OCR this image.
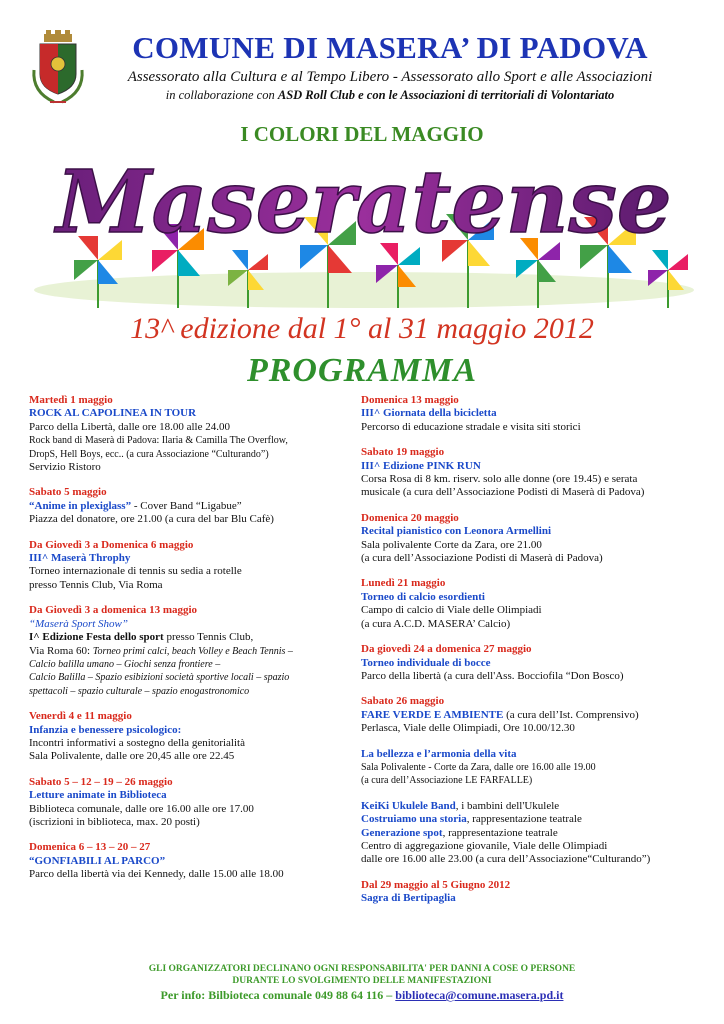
COMUNE DI MASERA’ DI PADOVA
Assessorato alla Cultura e al Tempo Libero - Assessorato allo Sport e alle Associazioni
in collaborazione con ASD Roll Club e con le Associazioni di territoriali di Volontariato
I COLORI DEL MAGGIO
Maseratense
13^ edizione dal 1° al 31 maggio 2012
PROGRAMMA
Martedì 1 maggio
ROCK AL CAPOLINEA IN TOUR
Parco della Libertà, dalle ore 18.00 alle 24.00
Rock band di Maserà di Padova: Ilaria & Camilla The Overflow,
DropS, Hell Boys, ecc.. (a cura Associazione “Culturando”)
Servizio Ristoro
Sabato 5 maggio
“Anime in plexiglass” - Cover Band “Ligabue”
Piazza del donatore, ore 21.00 (a cura del bar Blu Cafè)
Da Giovedì 3 a Domenica 6 maggio
III^ Maserà Throphy
Torneo internazionale di tennis su sedia a rotelle
presso Tennis Club, Via Roma
Da Giovedì 3 a domenica 13 maggio
“Maserà Sport Show”
I^ Edizione Festa dello sport presso Tennis Club,
Via Roma 60: Torneo primi calci, beach Volley e Beach Tennis –
Calcio balilla umano – Giochi senza frontiere –
Calcio Balilla – Spazio esibizioni società sportive locali – spazio
spettacoli – spazio culturale – spazio enogastronomico
Venerdì 4 e 11 maggio
Infanzia e benessere psicologico:
Incontri informativi a sostegno della genitorialità
Sala Polivalente, dalle ore 20,45 alle ore 22.45
Sabato 5 – 12 – 19 – 26 maggio
Letture animate in Biblioteca
Biblioteca comunale, dalle ore 16.00 alle ore 17.00
(iscrizioni in biblioteca, max. 20 posti)
Domenica 6 – 13 – 20 – 27
“GONFIABILI AL PARCO”
Parco della libertà via dei Kennedy, dalle 15.00 alle 18.00
Domenica 13 maggio
III^ Giornata della bicicletta
Percorso di educazione stradale e visita siti storici
Sabato 19 maggio
III^ Edizione PINK RUN
Corsa Rosa di 8 km. riserv. solo alle donne (ore 19.45) e serata
musicale (a cura dell’Associazione Podisti di Maserà di Padova)
Domenica 20 maggio
Recital pianistico con Leonora Armellini
Sala polivalente Corte da Zara, ore 21.00
(a cura dell’Associazione Podisti di Maserà di Padova)
Lunedì 21 maggio
Torneo di calcio esordienti
Campo di calcio di Viale delle Olimpiadi
(a cura A.C.D. MASERA’ Calcio)
Da giovedì 24 a domenica 27 maggio
Torneo individuale di bocce
Parco della libertà (a cura dell'Ass. Bocciofila “Don Bosco)
Sabato 26 maggio
FARE VERDE E AMBIENTE (a cura dell’Ist. Comprensivo)
Perlasca, Viale delle Olimpiadi, Ore 10.00/12.30
La bellezza e l’armonia della vita
Sala Polivalente - Corte da Zara, dalle ore 16.00 alle 19.00
(a cura dell’Associazione LE FARFALLE)
KeiKi Ukulele Band, i bambini dell'Ukulele
Costruiamo una storia, rappresentazione teatrale
Generazione spot, rappresentazione teatrale
Centro di aggregazione giovanile, Viale delle Olimpiadi
dalle ore 16.00 alle 23.00 (a cura dell’Associazione“Culturando”)
Dal 29 maggio al 5 Giugno 2012
Sagra di Bertipaglia
GLI ORGANIZZATORI DECLINANO OGNI RESPONSABILITA' PER DANNI A COSE O PERSONE
DURANTE LO SVOLGIMENTO DELLE MANIFESTAZIONI
Per info: Bilbioteca comunale 049 88 64 116 – biblioteca@comune.masera.pd.it
